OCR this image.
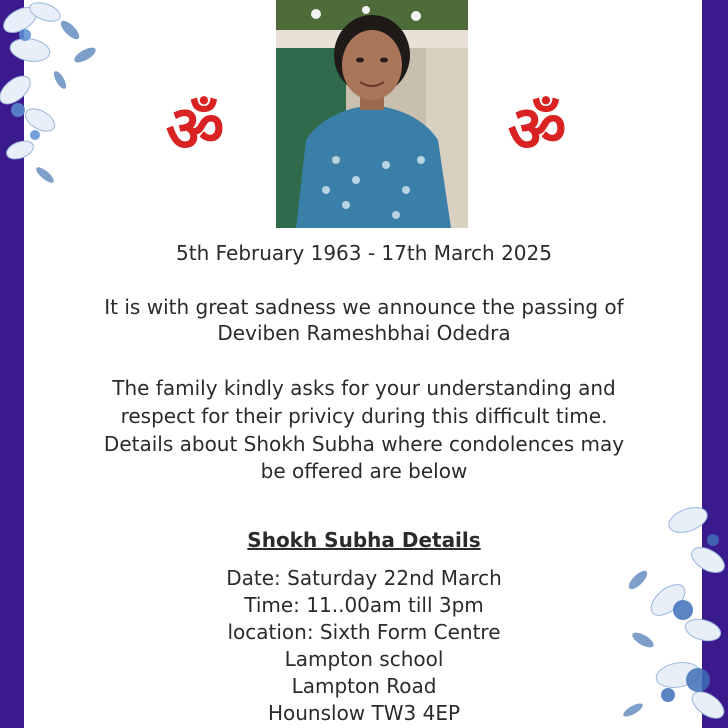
ॐ	ॐ
5th February 1963 - 17th March 2025
It is with great sadness we announce the passing of
Deviben Rameshbhai Odedra
The family kindly asks for your understanding and
respect for their privicy during this difficult time.
Details about Shokh Subha where condolences may
be offered are below
Shokh Subha Details
Date: Saturday 22nd March
Time: 11..00am till 3pm
location: Sixth Form Centre
Lampton school
Lampton Road
Hounslow TW3 4EP
